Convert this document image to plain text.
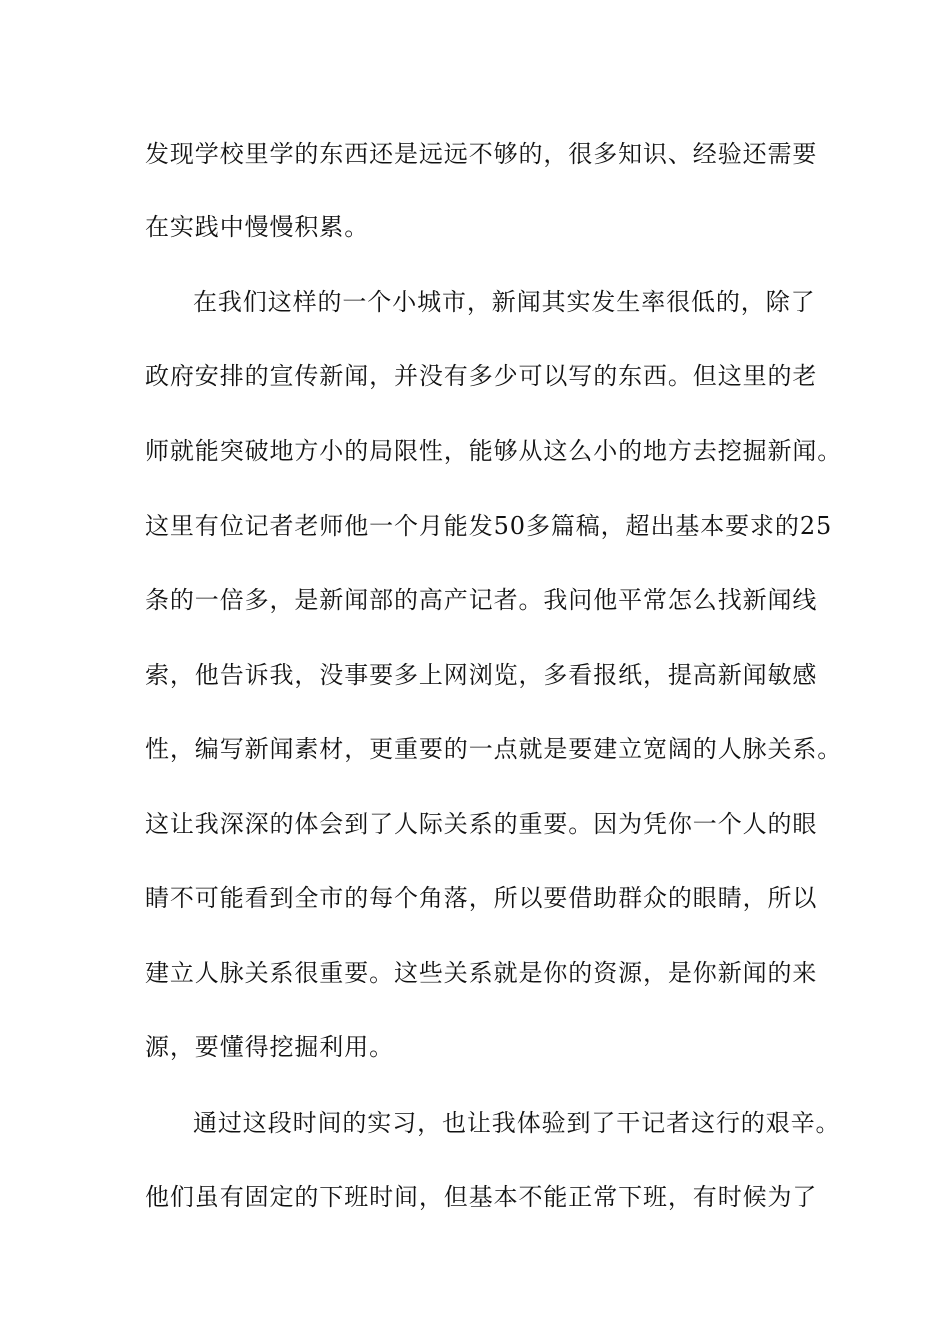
发现学校里学的东西还是远远不够的，很多知识、经验还需要
在实践中慢慢积累。
在我们这样的一个小城市，新闻其实发生率很低的，除了
政府安排的宣传新闻，并没有多少可以写的东西。但这里的老
师就能突破地方小的局限性，能够从这么小的地方去挖掘新闻。
这里有位记者老师他一个月能发50多篇稿，超出基本要求的25
条的一倍多，是新闻部的高产记者。我问他平常怎么找新闻线
索，他告诉我，没事要多上网浏览，多看报纸，提高新闻敏感
性，编写新闻素材，更重要的一点就是要建立宽阔的人脉关系。
这让我深深的体会到了人际关系的重要。因为凭你一个人的眼
睛不可能看到全市的每个角落，所以要借助群众的眼睛，所以
建立人脉关系很重要。这些关系就是你的资源，是你新闻的来
源，要懂得挖掘利用。
通过这段时间的实习，也让我体验到了干记者这行的艰辛。
他们虽有固定的下班时间，但基本不能正常下班，有时候为了
